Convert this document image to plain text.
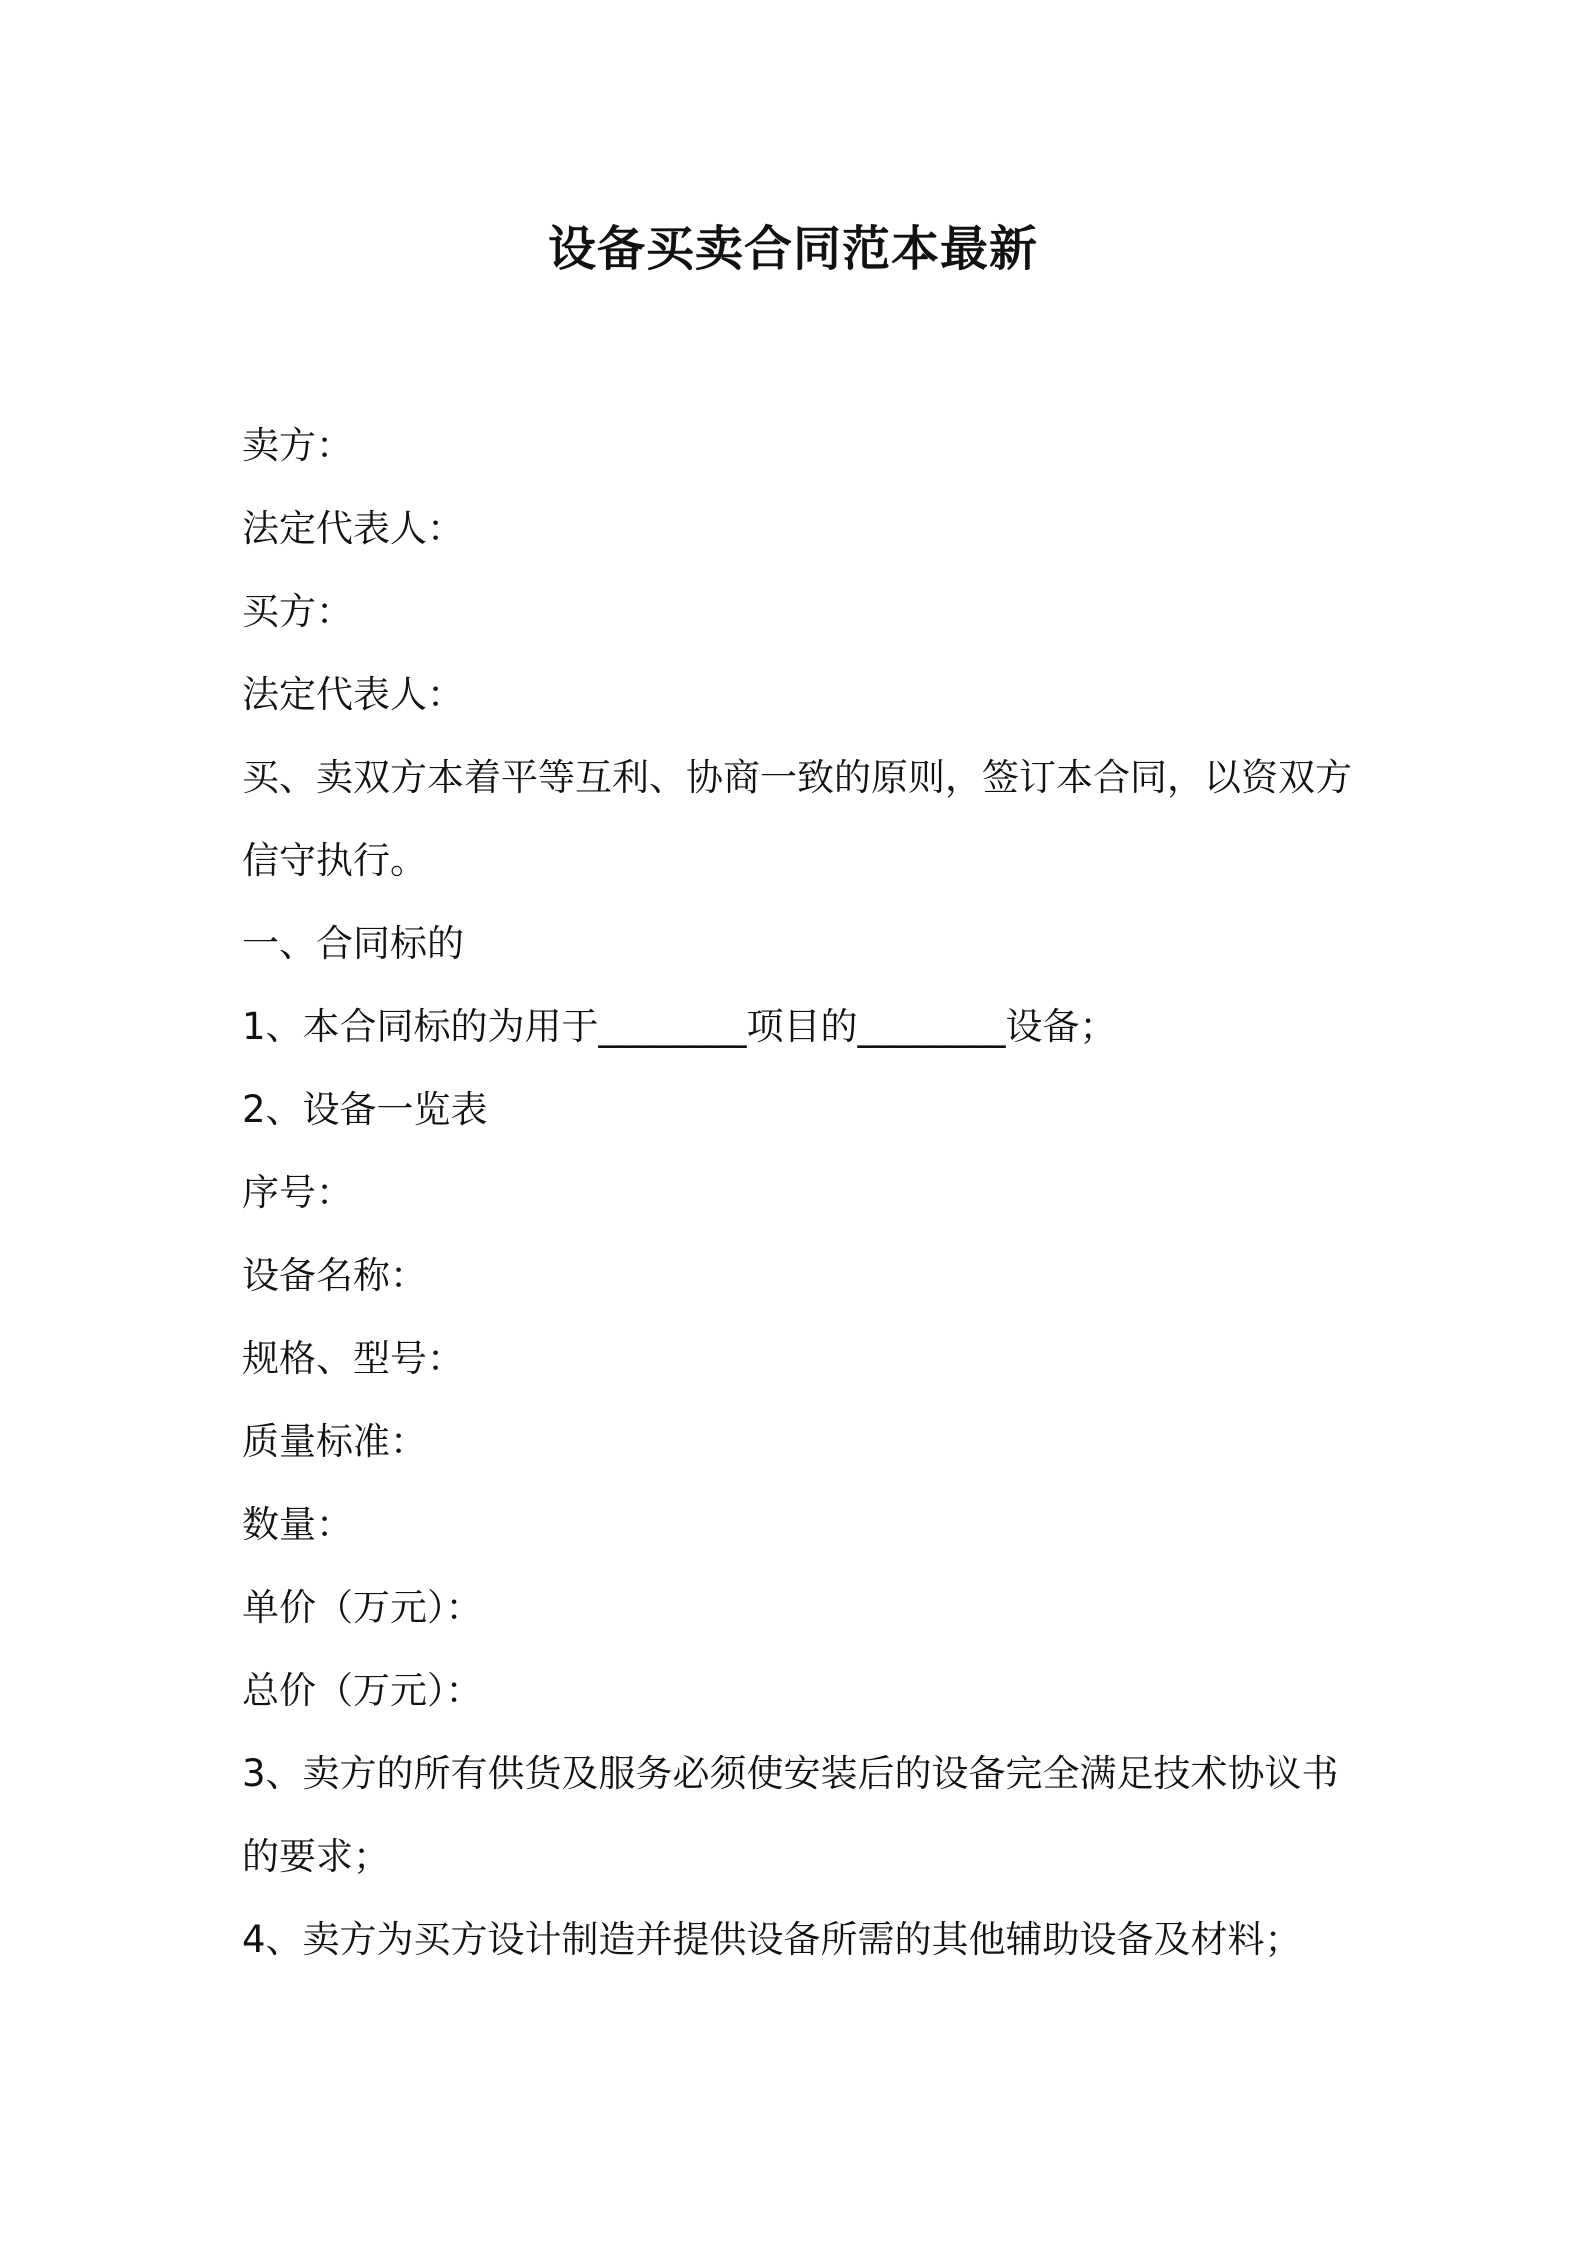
设备买卖合同范本最新
卖方：
法定代表人：
买方：
法定代表人：
买、卖双方本着平等互利、协商一致的原则，签订本合同，以资双方
信守执行。
一、合同标的
1、本合同标的为用于________项目的________设备；
2、设备一览表
序号：
设备名称：
规格、型号：
质量标准：
数量：
单价（万元）：
总价（万元）：
3、卖方的所有供货及服务必须使安装后的设备完全满足技术协议书
的要求；
4、卖方为买方设计制造并提供设备所需的其他辅助设备及材料；
